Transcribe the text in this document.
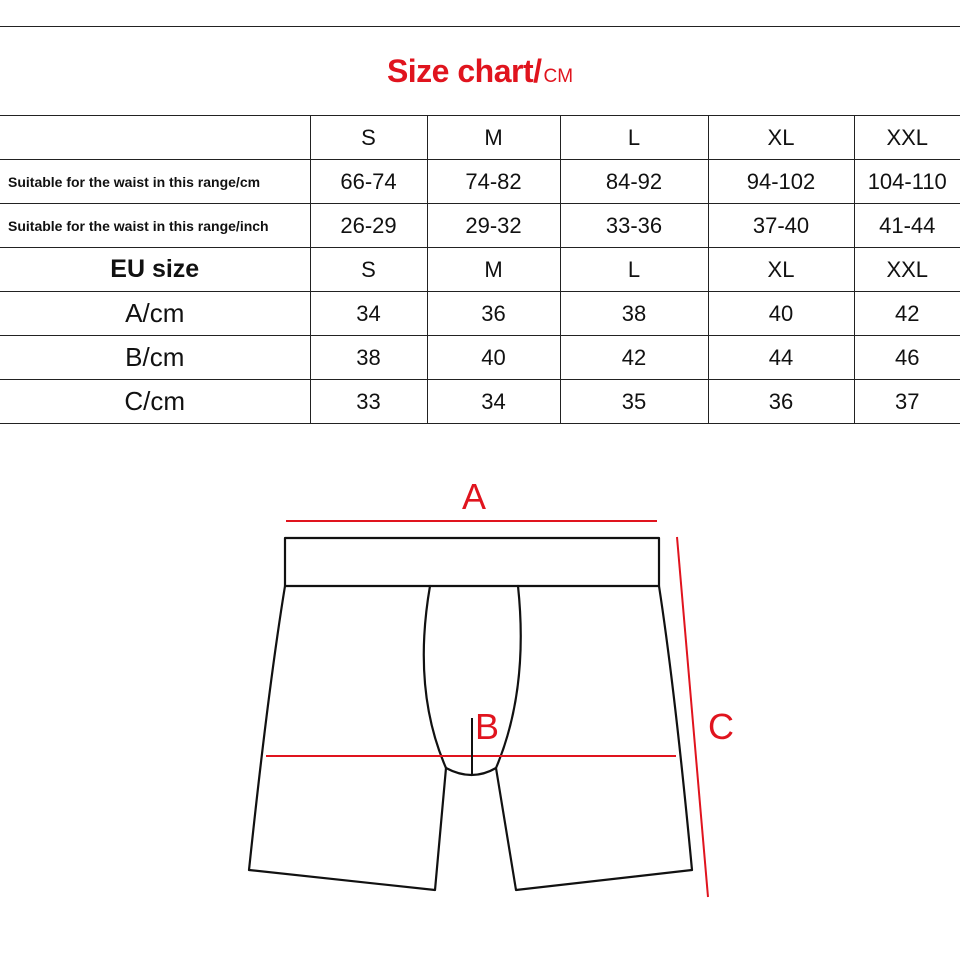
Size chart/ CM
	S	M	L	XL	XXL
Suitable for the waist in this range/cm	66-74	74-82	84-92	94-102	104-110
Suitable for the waist in this range/inch	26-29	29-32	33-36	37-40	41-44
EU size	S	M	L	XL	XXL
A/cm	34	36	38	40	42
B/cm	38	40	42	44	46
C/cm	33	34	35	36	37
A
B	C
